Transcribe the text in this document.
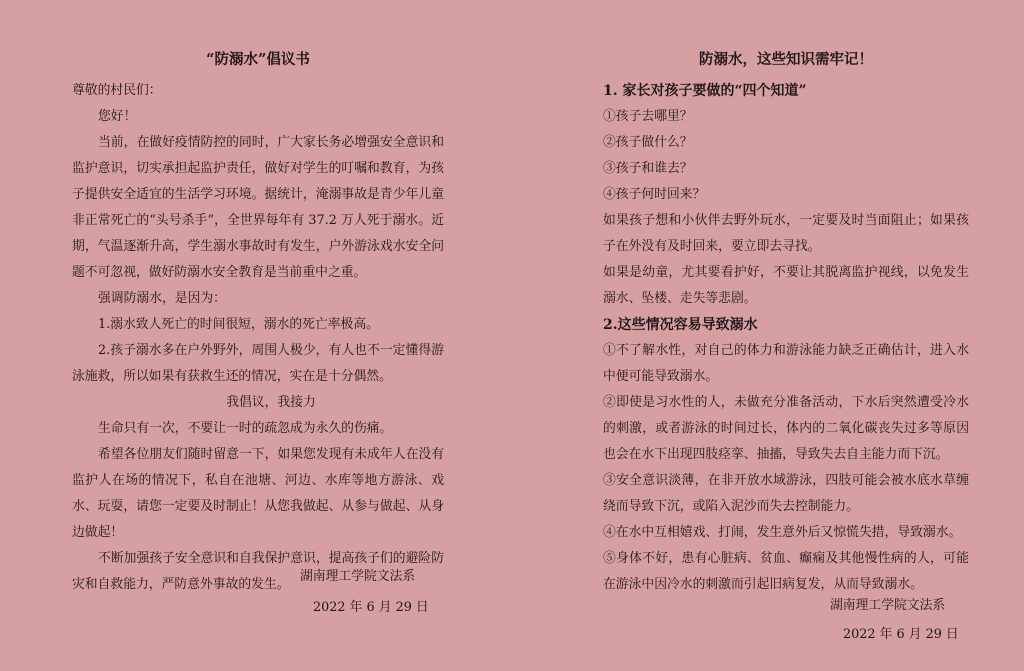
“防溺水”倡议书

尊敬的村民们：

您好！

当前，在做好疫情防控的同时，广大家长务必增强安全意识和监护意识，切实承担起监护责任，做好对学生的叮嘱和教育，为孩子提供安全适宜的生活学习环境。据统计，淹溺事故是青少年儿童非正常死亡的“头号杀手”，全世界每年有 37.2 万人死于溺水。近期，气温逐渐升高，学生溺水事故时有发生，户外游泳戏水安全问题不可忽视，做好防溺水安全教育是当前重中之重。

强调防溺水，是因为：

1.溺水致人死亡的时间很短，溺水的死亡率极高。

2.孩子溺水多在户外野外，周围人极少，有人也不一定懂得游泳施救，所以如果有获救生还的情况，实在是十分偶然。

我倡议，我接力

生命只有一次，不要让一时的疏忽成为永久的伤痛。

希望各位朋友们随时留意一下，如果您发现有未成年人在没有监护人在场的情况下，私自在池塘、河边、水库等地方游泳、戏水、玩耍，请您一定要及时制止！从您我做起、从参与做起、从身边做起！

不断加强孩子安全意识和自我保护意识，提高孩子们的避险防灾和自救能力，严防意外事故的发生。

湖南理工学院文法系
2022 年 6 月 29 日
防溺水，这些知识需牢记！

1. 家长对孩子要做的“四个知道”

①孩子去哪里？

②孩子做什么？

③孩子和谁去？

④孩子何时回来？

如果孩子想和小伙伴去野外玩水，一定要及时当面阻止；如果孩子在外没有及时回来，要立即去寻找。

如果是幼童，尤其要看护好，不要让其脱离监护视线，以免发生溺水、坠楼、走失等悲剧。

2.这些情况容易导致溺水

①不了解水性，对自己的体力和游泳能力缺乏正确估计，进入水中便可能导致溺水。

②即使是习水性的人，未做充分准备活动，下水后突然遭受冷水的刺激，或者游泳的时间过长，体内的二氧化碳丧失过多等原因也会在水下出现四肢痉挛、抽搐，导致失去自主能力而下沉。

③安全意识淡薄，在非开放水域游泳，四肢可能会被水底水草缠绕而导致下沉，或陷入泥沙而失去控制能力。

④在水中互相嬉戏、打闹，发生意外后又惊慌失措，导致溺水。

⑤身体不好，患有心脏病、贫血、癫痫及其他慢性病的人，可能在游泳中因冷水的刺激而引起旧病复发，从而导致溺水。

湖南理工学院文法系
2022 年 6 月 29 日
